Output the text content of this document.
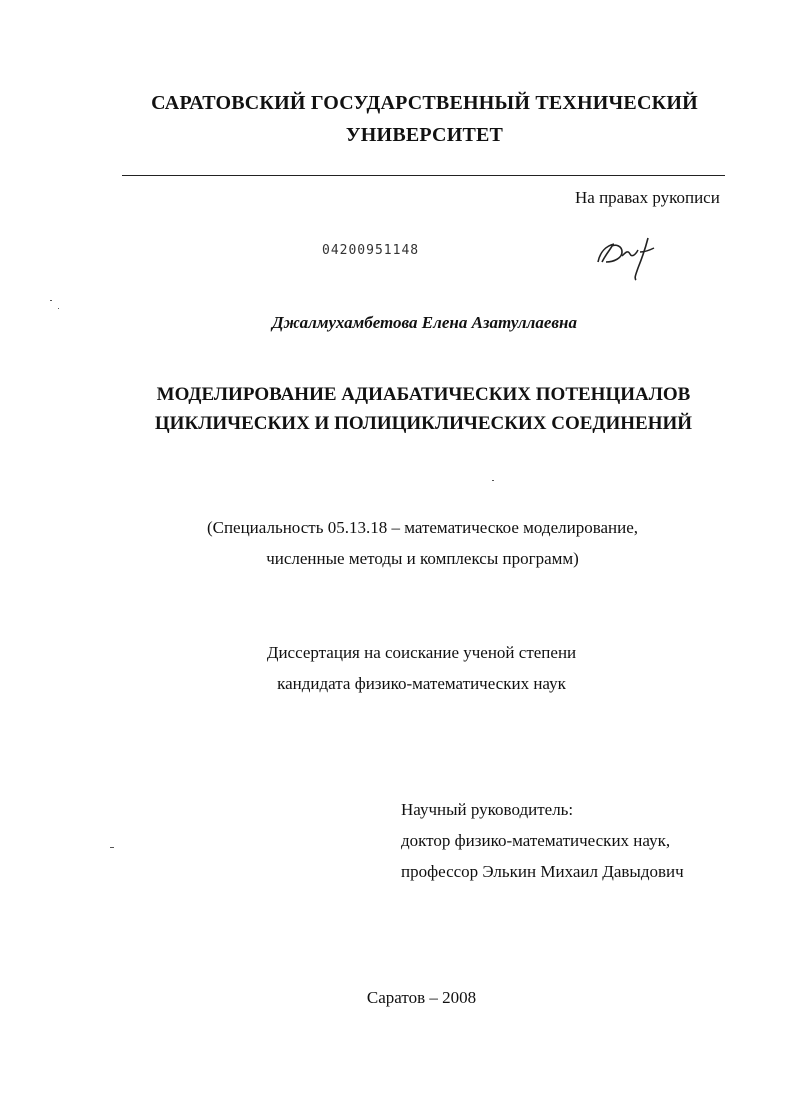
САРАТОВСКИЙ ГОСУДАРСТВЕННЫЙ ТЕХНИЧЕСКИЙ
УНИВЕРСИТЕТ
На правах рукописи
04200951148
Джалмухамбетова Елена Азатуллаевна
МОДЕЛИРОВАНИЕ АДИАБАТИЧЕСКИХ ПОТЕНЦИАЛОВ
ЦИКЛИЧЕСКИХ И ПОЛИЦИКЛИЧЕСКИХ СОЕДИНЕНИЙ
(Специальность 05.13.18 – математическое моделирование,
численные методы и комплексы программ)
Диссертация на соискание ученой степени
кандидата физико-математических наук
Научный руководитель:
доктор физико-математических наук,
профессор Элькин Михаил Давыдович
Саратов – 2008
